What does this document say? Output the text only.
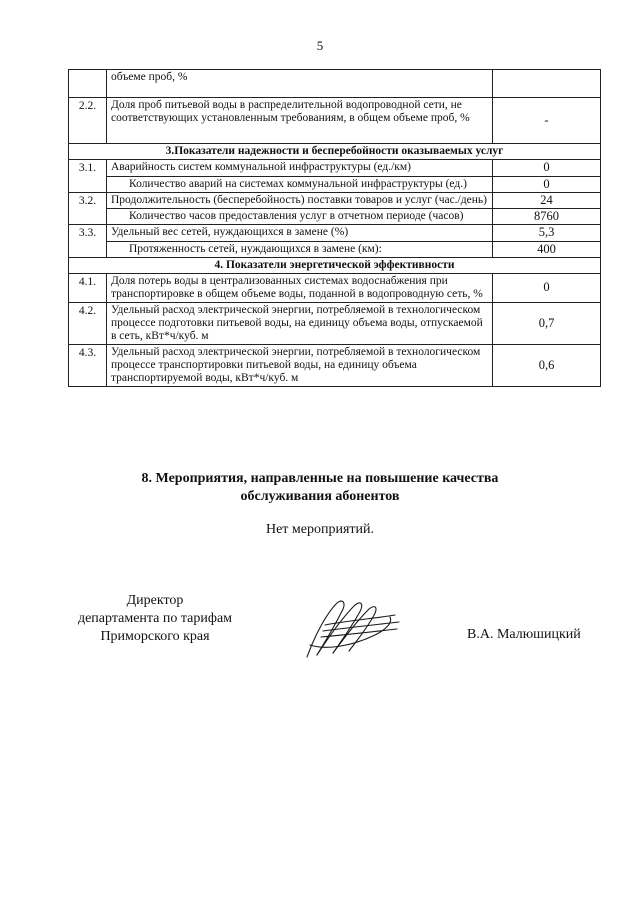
5
	объеме проб, %	
2.2.	Доля проб питьевой воды в распределительной водопроводной сети, не соответствующих установленным требованиям, в общем объеме проб, %	-
3.Показатели надежности и бесперебойности оказываемых услуг		
3.1.	Аварийность систем коммунальной инфраструктуры (ед./км)	0
	Количество аварий на системах коммунальной инфраструктуры (ед.)	0
3.2.	Продолжительность (бесперебойность) поставки товаров и услуг (час./день)	24
	Количество часов предоставления услуг в отчетном периоде (часов)	8760
3.3.	Удельный вес сетей, нуждающихся в замене (%)	5,3
	Протяженность сетей, нуждающихся в замене (км):	400
4. Показатели энергетической эффективности		
4.1.	Доля потерь воды в централизованных системах водоснабжения при транспортировке в общем объеме воды, поданной в водопроводную сеть, %	0
4.2.	Удельный расход электрической энергии, потребляемой в технологическом процессе подготовки питьевой воды, на единицу объема воды, отпускаемой в сеть, кВт*ч/куб. м	0,7
4.3.	Удельный расход электрической энергии, потребляемой в технологическом процессе транспортировки питьевой воды, на единицу объема транспортируемой воды, кВт*ч/куб. м	0,6
8. Мероприятия, направленные на повышение качества
обслуживания абонентов
Нет мероприятий.
Директор
департамента по тарифам
Приморского края	В.А. Малюшицкий
